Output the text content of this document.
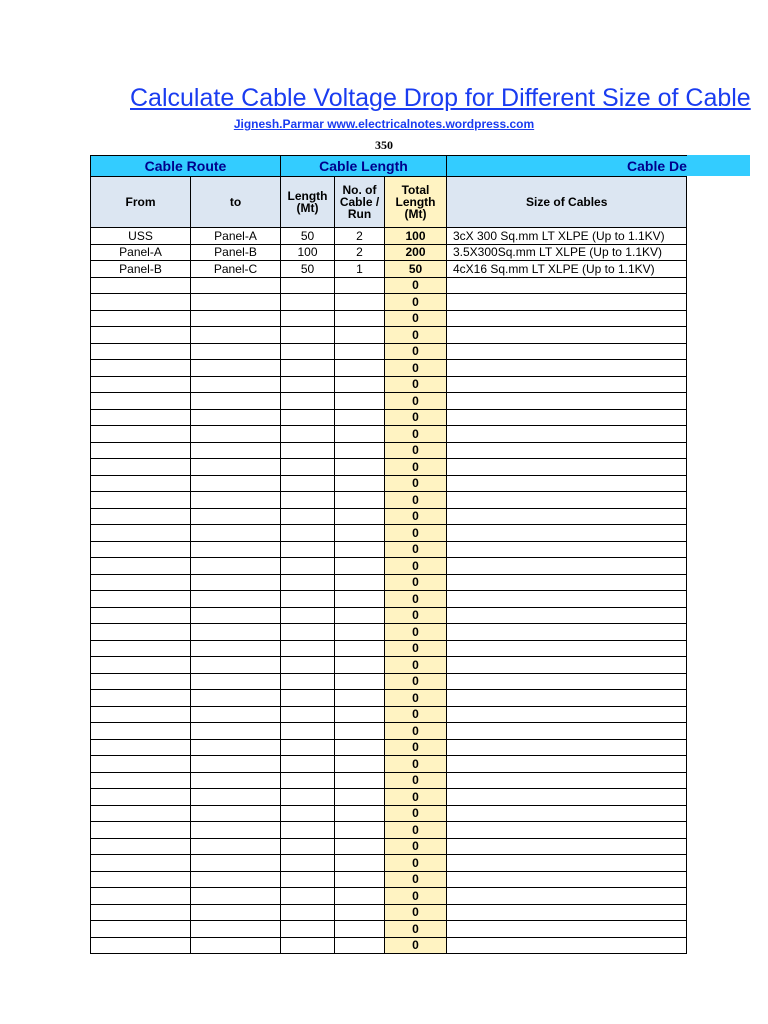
Calculate Cable Voltage Drop for Different Size of Cable
Jignesh.Parmar www.electricalnotes.wordpress.com
350
Cable Route		Cable Length			Cable De
From	to	Length (Mt)	No. of Cable / Run	Total Length (Mt)	Size of Cables
USS	Panel-A	50	2	100	3cX 300 Sq.mm LT XLPE (Up to 1.1KV)
Panel-A	Panel-B	100	2	200	3.5X300Sq.mm LT XLPE (Up to 1.1KV)
Panel-B	Panel-C	50	1	50	4cX16 Sq.mm LT XLPE (Up to 1.1KV)
				0	
				0	
				0	
				0	
				0	
				0	
				0	
				0	
				0	
				0	
				0	
				0	
				0	
				0	
				0	
				0	
				0	
				0	
				0	
				0	
				0	
				0	
				0	
				0	
				0	
				0	
				0	
				0	
				0	
				0	
				0	
				0	
				0	
				0	
				0	
				0	
				0	
				0	
				0	
				0	
				0	
